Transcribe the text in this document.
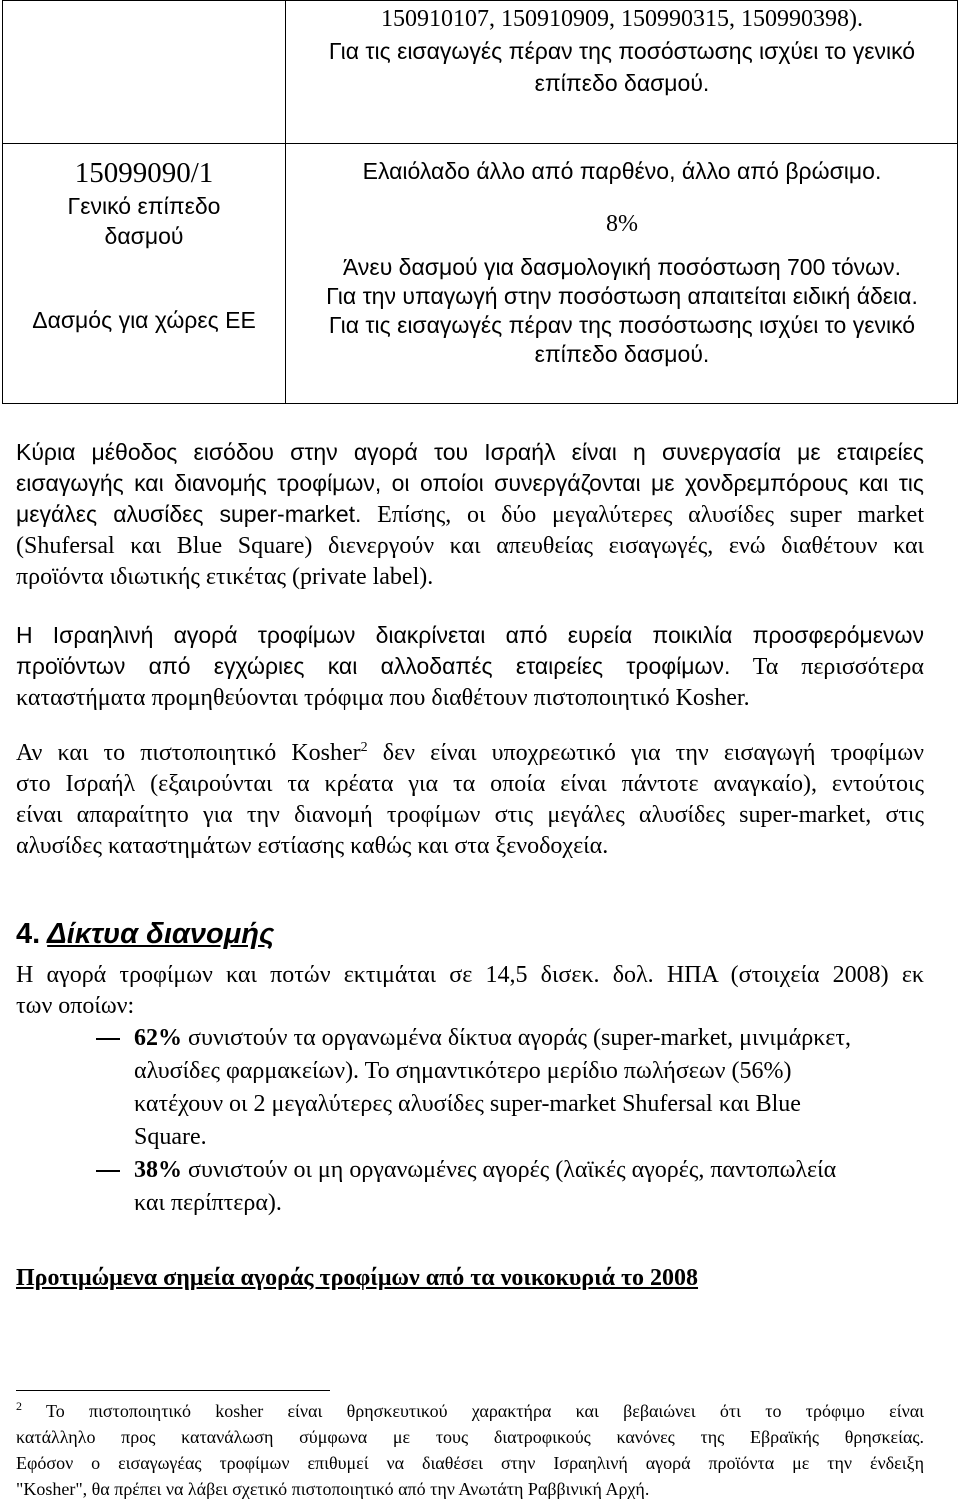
150910107, 150910909, 150990315, 150990398).
Για τις εισαγωγές πέραν της ποσόστωσης ισχύει το γενικό
επίπεδο δασμού.
15099090/1
Γενικό επίπεδο
δασμού
Δασμός για χώρες ΕΕ
Ελαιόλαδο άλλο από παρθένο, άλλο από βρώσιμο.
8%
Άνευ δασμού για δασμολογική ποσόστωση 700 τόνων.
Για την υπαγωγή στην ποσόστωση απαιτείται ειδική άδεια.
Για τις εισαγωγές πέραν της ποσόστωσης ισχύει το γενικό
επίπεδο δασμού.
Κύρια μέθοδος εισόδου στην αγορά του Ισραήλ είναι η συνεργασία με εταιρείες
εισαγωγής και διανομής τροφίμων, οι οποίοι συνεργάζονται με χονδρεμπόρους και τις
μεγάλες αλυσίδες super-market. Επίσης, οι δύο μεγαλύτερες αλυσίδες super market
(Shufersal και Blue Square) διενεργούν και απευθείας εισαγωγές, ενώ διαθέτουν και
προϊόντα ιδιωτικής ετικέτας (private label).
Η Ισραηλινή αγορά τροφίμων διακρίνεται από ευρεία ποικιλία προσφερόμενων
προϊόντων από εγχώριες και αλλοδαπές εταιρείες τροφίμων. Τα περισσότερα
καταστήματα προμηθεύονται τρόφιμα που διαθέτουν πιστοποιητικό Kosher.
Αν και το πιστοποιητικό Kosher$^2$ δεν είναι υποχρεωτικό για την εισαγωγή τροφίμων
στο Ισραήλ (εξαιρούνται τα κρέατα για τα οποία είναι πάντοτε αναγκαίο), εντούτοις
είναι απαραίτητο για την διανομή τροφίμων στις μεγάλες αλυσίδες super-market, στις
αλυσίδες καταστημάτων εστίασης καθώς και στα ξενοδοχεία.
4. Δίκτυα διανομής
Η αγορά τροφίμων και ποτών εκτιμάται σε 14,5 δισεκ. δολ. ΗΠΑ (στοιχεία 2008) εκ
των οποίων:
62% συνιστούν τα οργανωμένα δίκτυα αγοράς (super-market, μινιμάρκετ,
αλυσίδες φαρμακείων). Το σημαντικότερο μερίδιο πωλήσεων (56%)
κατέχουν οι 2 μεγαλύτερες αλυσίδες super-market Shufersal και Blue
Square.
38% συνιστούν οι μη οργανωμένες αγορές (λαϊκές αγορές, παντοπωλεία
και περίπτερα).
Προτιμώμενα σημεία αγοράς τροφίμων από τα νοικοκυριά το 2008
$^2$ Το πιστοποιητικό kosher είναι θρησκευτικού χαρακτήρα και βεβαιώνει ότι το τρόφιμο είναι
κατάλληλο προς κατανάλωση σύμφωνα με τους διατροφικούς κανόνες της Εβραϊκής θρησκείας.
Εφόσον ο εισαγωγέας τροφίμων επιθυμεί να διαθέσει στην Ισραηλινή αγορά προϊόντα με την ένδειξη
"Kosher", θα πρέπει να λάβει σχετικό πιστοποιητικό από την Ανωτάτη Ραββινική Αρχή.
